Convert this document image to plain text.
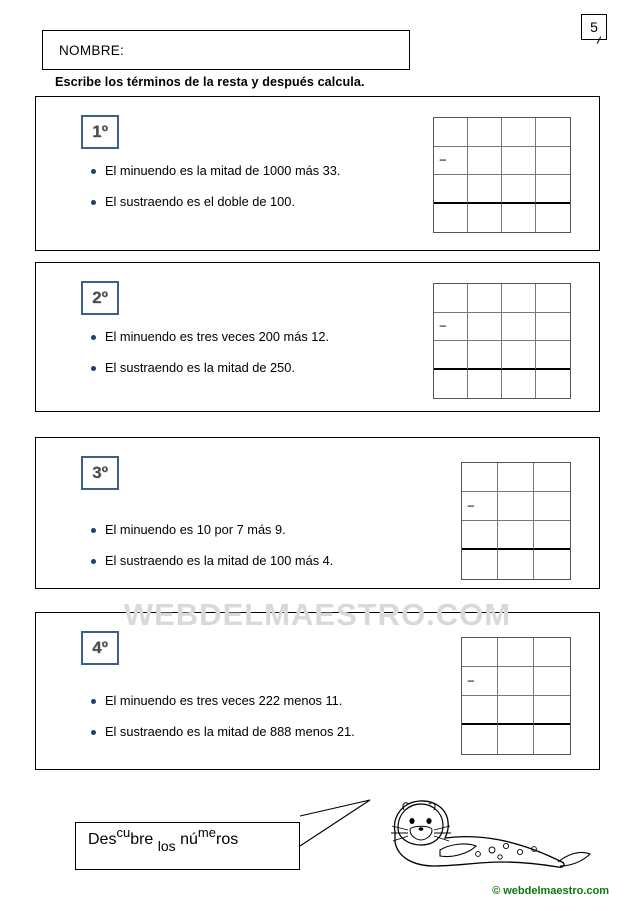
NOMBRE:
5
Escribe los términos de la resta y después calcula.
1º
El minuendo es la mitad de 1000 más 33.
El sustraendo es el doble de 100.
−
2º
El minuendo es tres veces 200 más 12.
El sustraendo es la mitad de 250.
−
3º
El minuendo es 10 por 7 más 9.
El sustraendo es la mitad de 100 más 4.
−
4º
El minuendo es tres veces 222 menos 11.
El sustraendo es la mitad de 888 menos 21.
−
WEBDELMAESTRO.COM
Des$^{cu}$bre los $nú^{me}ros$
© webdelmaestro.com
